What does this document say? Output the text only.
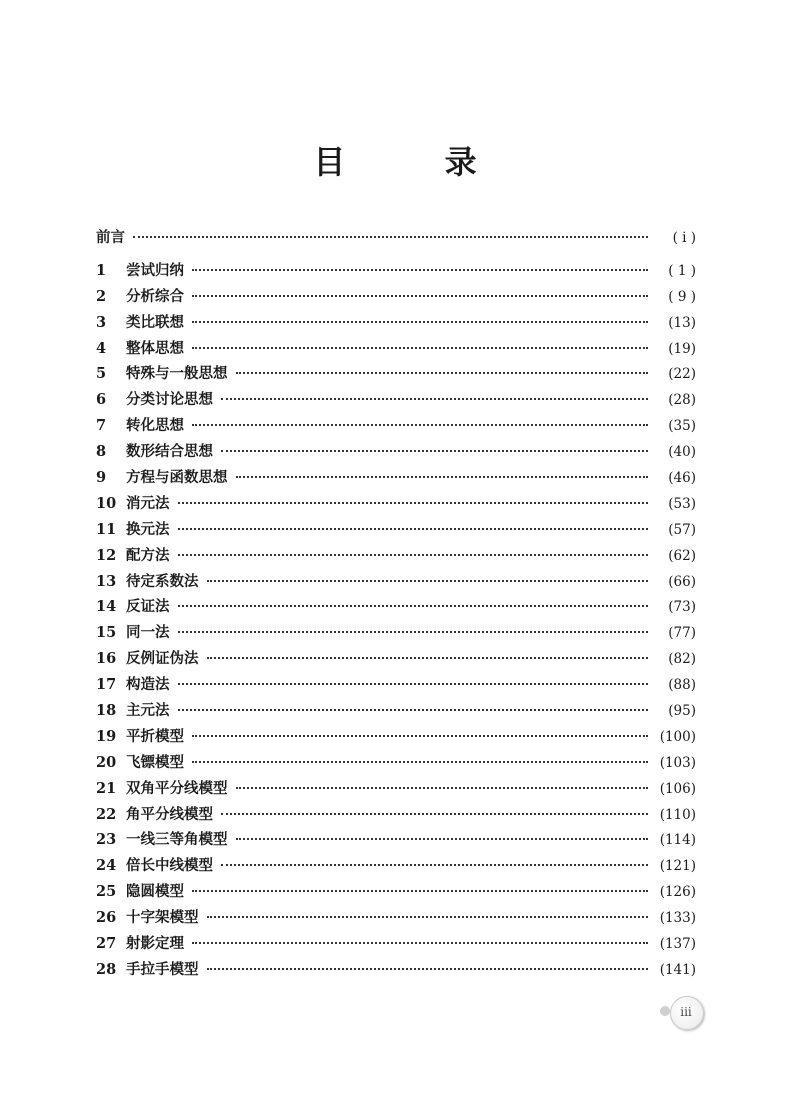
目 录
前言	( i )
1	尝试归纳	( 1 )
2	分析综合	( 9 )
3	类比联想	(13)
4	整体思想	(19)
5	特殊与一般思想	(22)
6	分类讨论思想	(28)
7	转化思想	(35)
8	数形结合思想	(40)
9	方程与函数思想	(46)
10 消元法	(53)
11 换元法	(57)
12 配方法	(62)
13 待定系数法	(66)
14 反证法	(73)
15 同一法	(77)
16 反例证伪法	(82)
17 构造法	(88)
18 主元法	(95)
19 平折模型	(100)
20 飞镖模型	(103)
21 双角平分线模型	(106)
22 角平分线模型	(110)
23 一线三等角模型	(114)
24 倍长中线模型	(121)
25 隐圆模型	(126)
26 十字架模型	(133)
27 射影定理	(137)
28 手拉手模型	(141)
iii
